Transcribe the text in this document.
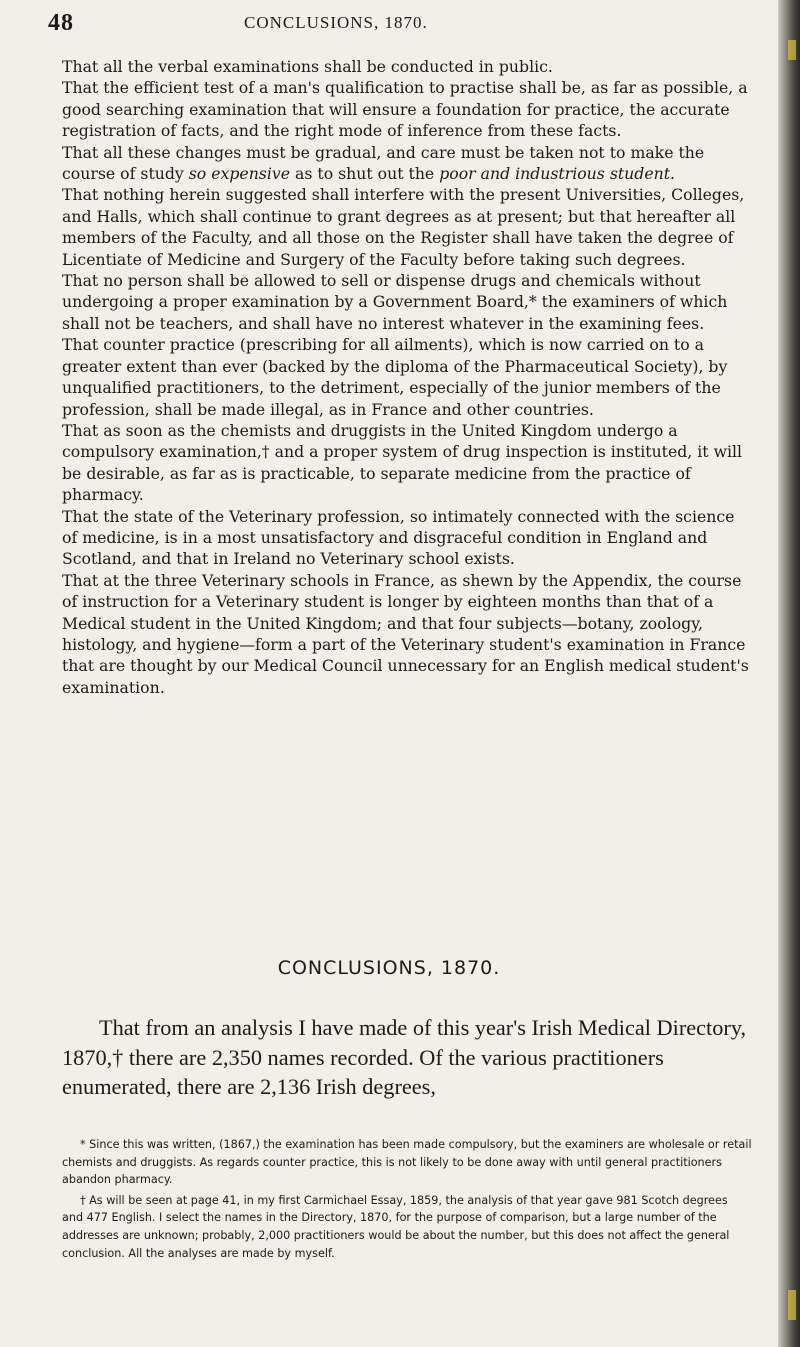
48	CONCLUSIONS, 1870.

That all the verbal examinations shall be conducted in public.

That the efficient test of a man's qualification to practise shall be, as far as possible, a good searching examination that will ensure a foundation for practice, the accurate registration of facts, and the right mode of inference from these facts.

That all these changes must be gradual, and care must be taken not to make the course of study so expensive as to shut out the poor and industrious student.

That nothing herein suggested shall interfere with the present Universities, Colleges, and Halls, which shall continue to grant degrees as at present; but that hereafter all members of the Faculty, and all those on the Register shall have taken the degree of Licentiate of Medicine and Surgery of the Faculty before taking such degrees.

That no person shall be allowed to sell or dispense drugs and chemicals without undergoing a proper examination by a Government Board,* the examiners of which shall not be teachers, and shall have no interest whatever in the examining fees.

That counter practice (prescribing for all ailments), which is now carried on to a greater extent than ever (backed by the diploma of the Pharmaceutical Society), by unqualified practitioners, to the detriment, especially of the junior members of the profession, shall be made illegal, as in France and other countries.

That as soon as the chemists and druggists in the United Kingdom undergo a compulsory examination,† and a proper system of drug inspection is instituted, it will be desirable, as far as is practicable, to separate medicine from the practice of pharmacy.

That the state of the Veterinary profession, so intimately connected with the science of medicine, is in a most unsatisfactory and disgraceful condition in England and Scotland, and that in Ireland no Veterinary school exists.

That at the three Veterinary schools in France, as shewn by the Appendix, the course of instruction for a Veterinary student is longer by eighteen months than that of a Medical student in the United Kingdom; and that four subjects—botany, zoology, histology, and hygiene—form a part of the Veterinary student's examination in France that are thought by our Medical Council unnecessary for an English medical student's examination.

CONCLUSIONS, 1870.

That from an analysis I have made of this year's Irish Medical Directory, 1870,† there are 2,350 names recorded. Of the various practitioners enumerated, there are 2,136 Irish degrees,

* Since this was written, (1867,) the examination has been made compulsory, but the examiners are wholesale or retail chemists and druggists. As regards counter practice, this is not likely to be done away with until general practitioners abandon pharmacy.

† As will be seen at page 41, in my first Carmichael Essay, 1859, the analysis of that year gave 981 Scotch degrees and 477 English. I select the names in the Directory, 1870, for the purpose of comparison, but a large number of the addresses are unknown; probably, 2,000 practitioners would be about the number, but this does not affect the general conclusion. All the analyses are made by myself.
